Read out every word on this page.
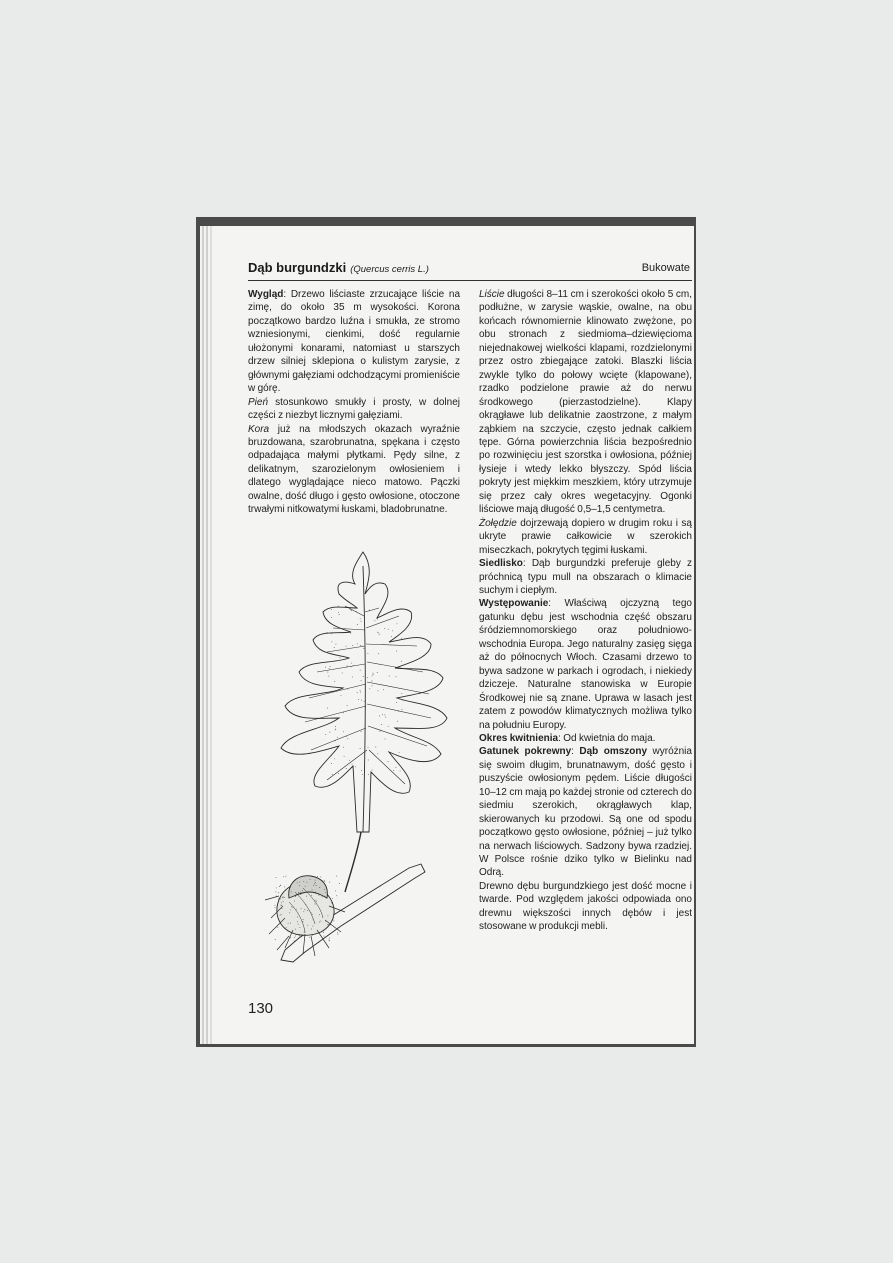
Dąb burgundzki (Quercus cerris L.)	Bukowate

Wygląd: Drzewo liściaste zrzucające liście na zimę, do około 35 m wysokości. Korona początkowo bardzo luźna i smukła, ze stromo wzniesionymi, cienkimi, dość regularnie ułożonymi konarami, natomiast u starszych drzew silniej sklepiona o kulistym zarysie, z głównymi gałęziami odchodzącymi promieniście w górę.

Pień stosunkowo smukły i prosty, w dolnej części z niezbyt licznymi gałęziami.

Kora już na młodszych okazach wyraźnie bruzdowana, szarobrunatna, spękana i często odpadająca małymi płytkami. Pędy silne, z delikatnym, szarozielonym owłosieniem i dlatego wyglądające nieco matowo. Pączki owalne, dość długo i gęsto owłosione, otoczone trwałymi nitkowatymi łuskami, bladobrunatne.

Liście długości 8–11 cm i szerokości około 5 cm, podłużne, w zarysie wąskie, owalne, na obu końcach równomiernie klinowato zwężone, po obu stronach z siedmioma–dziewięcioma niejednakowej wielkości klapami, rozdzielonymi przez ostro zbiegające zatoki. Blaszki liścia zwykle tylko do połowy wcięte (klapowane), rzadko podzielone prawie aż do nerwu środkowego (pierzastodzielne). Klapy okrągławe lub delikatnie zaostrzone, z małym ząbkiem na szczycie, często jednak całkiem tępe. Górna powierzchnia liścia bezpośrednio po rozwinięciu jest szorstka i owłosiona, później łysieje i wtedy lekko błyszczy. Spód liścia pokryty jest miękkim meszkiem, który utrzymuje się przez cały okres wegetacyjny. Ogonki liściowe mają długość 0,5–1,5 centymetra.

Żołędzie dojrzewają dopiero w drugim roku i są ukryte prawie całkowicie w szerokich miseczkach, pokrytych tęgimi łuskami.

Siedlisko: Dąb burgundzki preferuje gleby z próchnicą typu mull na obszarach o klimacie suchym i ciepłym.

Występowanie: Właściwą ojczyzną tego gatunku dębu jest wschodnia część obszaru śródziemnomorskiego oraz południowo-wschodnia Europa. Jego naturalny zasięg sięga aż do północnych Włoch. Czasami drzewo to bywa sadzone w parkach i ogrodach, i niekiedy dziczeje. Naturalne stanowiska w Europie Środkowej nie są znane. Uprawa w lasach jest zatem z powodów klimatycznych możliwa tylko na południu Europy.

Okres kwitnienia: Od kwietnia do maja.

Gatunek pokrewny: Dąb omszony wyróżnia się swoim długim, brunatnawym, dość gęsto i puszyście owłosionym pędem. Liście długości 10–12 cm mają po każdej stronie od czterech do siedmiu szerokich, okrągławych klap, skierowanych ku przodowi. Są one od spodu początkowo gęsto owłosione, później – już tylko na nerwach liściowych. Sadzony bywa rzadziej. W Polsce rośnie dziko tylko w Bielinku nad Odrą.

Drewno dębu burgundzkiego jest dość mocne i twarde. Pod względem jakości odpowiada ono drewnu większości innych dębów i jest stosowane w produkcji mebli.

130
